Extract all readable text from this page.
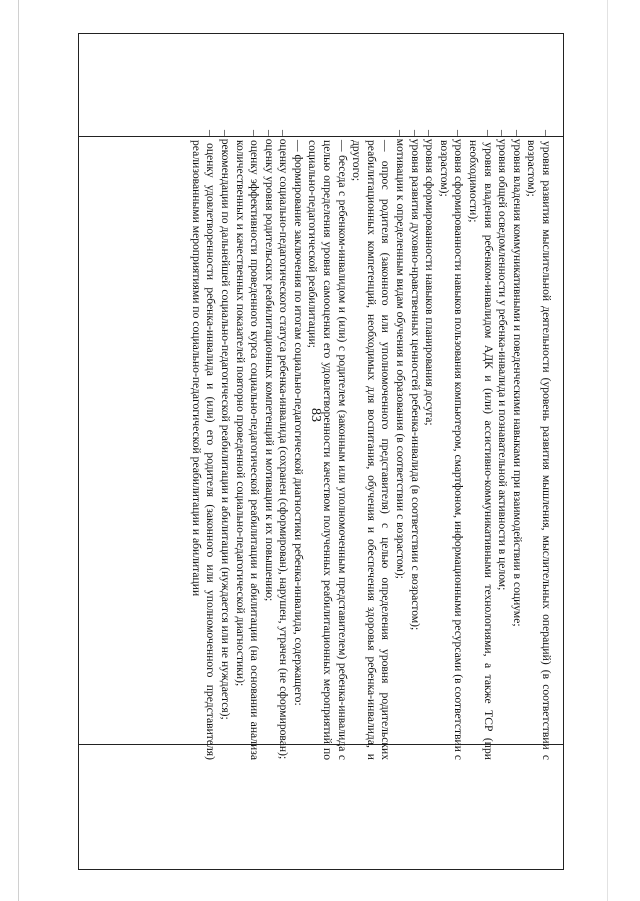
83	– уровня развития мыслительной деятельности (уровень развития мышления, мыслительных операций) (в соответствии с возрастом);

– уровня владения коммуникативными и поведенческими навыками при взаимодействии в социуме;

– уровня общей осведомленности у ребенка-инвалида и познавательной активности в целом;

– уровня владения ребенком-инвалидом АДК и (или) ассистивно-коммуникативными технологиями, а также ТСР (при необходимости);

– уровня сформированности навыков пользования компьютером, смартфоном, информационными ресурсами (в соответствии с возрастом);

– уровня сформированности навыков планирования досуга;

– уровня развития духовно-нравственных ценностей ребенка-инвалида (в соответствии с возрастом);

– мотивации к определенным видам обучения и образования (в соответствии с возрастом);

— опрос родителя (законного или уполномоченного представителя) с целью определения уровня родительских реабилитационных компетенций, необходимых для воспитания, обучения и обеспечения здоровья ребенка-инвалида, и другого;

— беседа с ребенком-инвалидом и (или) с родителем (законным или уполномоченным представителем) ребенка-инвалида с целью определения уровня самооценки его удовлетворенности качеством полученных реабилитационных мероприятий по социально-педагогической реабилитации;

— формирование заключения по итогам социально-педагогической диагностики ребенка-инвалида, содержащего:

– оценку социально-педагогического статуса ребенка-инвалида (сохранен (сформирован), нарушен, утрачен (не сформирован);

– оценку уровня родительских реабилитационных компетенций и мотивации к их повышению;

– оценку эффективности проведенного курса социально-педагогической реабилитации и абилитации (на основании анализа количественных и качественных показателей повторно проведенной социально-педагогической диагностики);

– рекомендации по дальнейшей социально-педагогической реабилитации и абилитации (нуждается или не нуждается);

– оценку удовлетворенности ребенка-инвалида и (или) его родителя (законного или уполномоченного представителя) реализованными мероприятиями по социально-педагогической реабилитации и абилитации
